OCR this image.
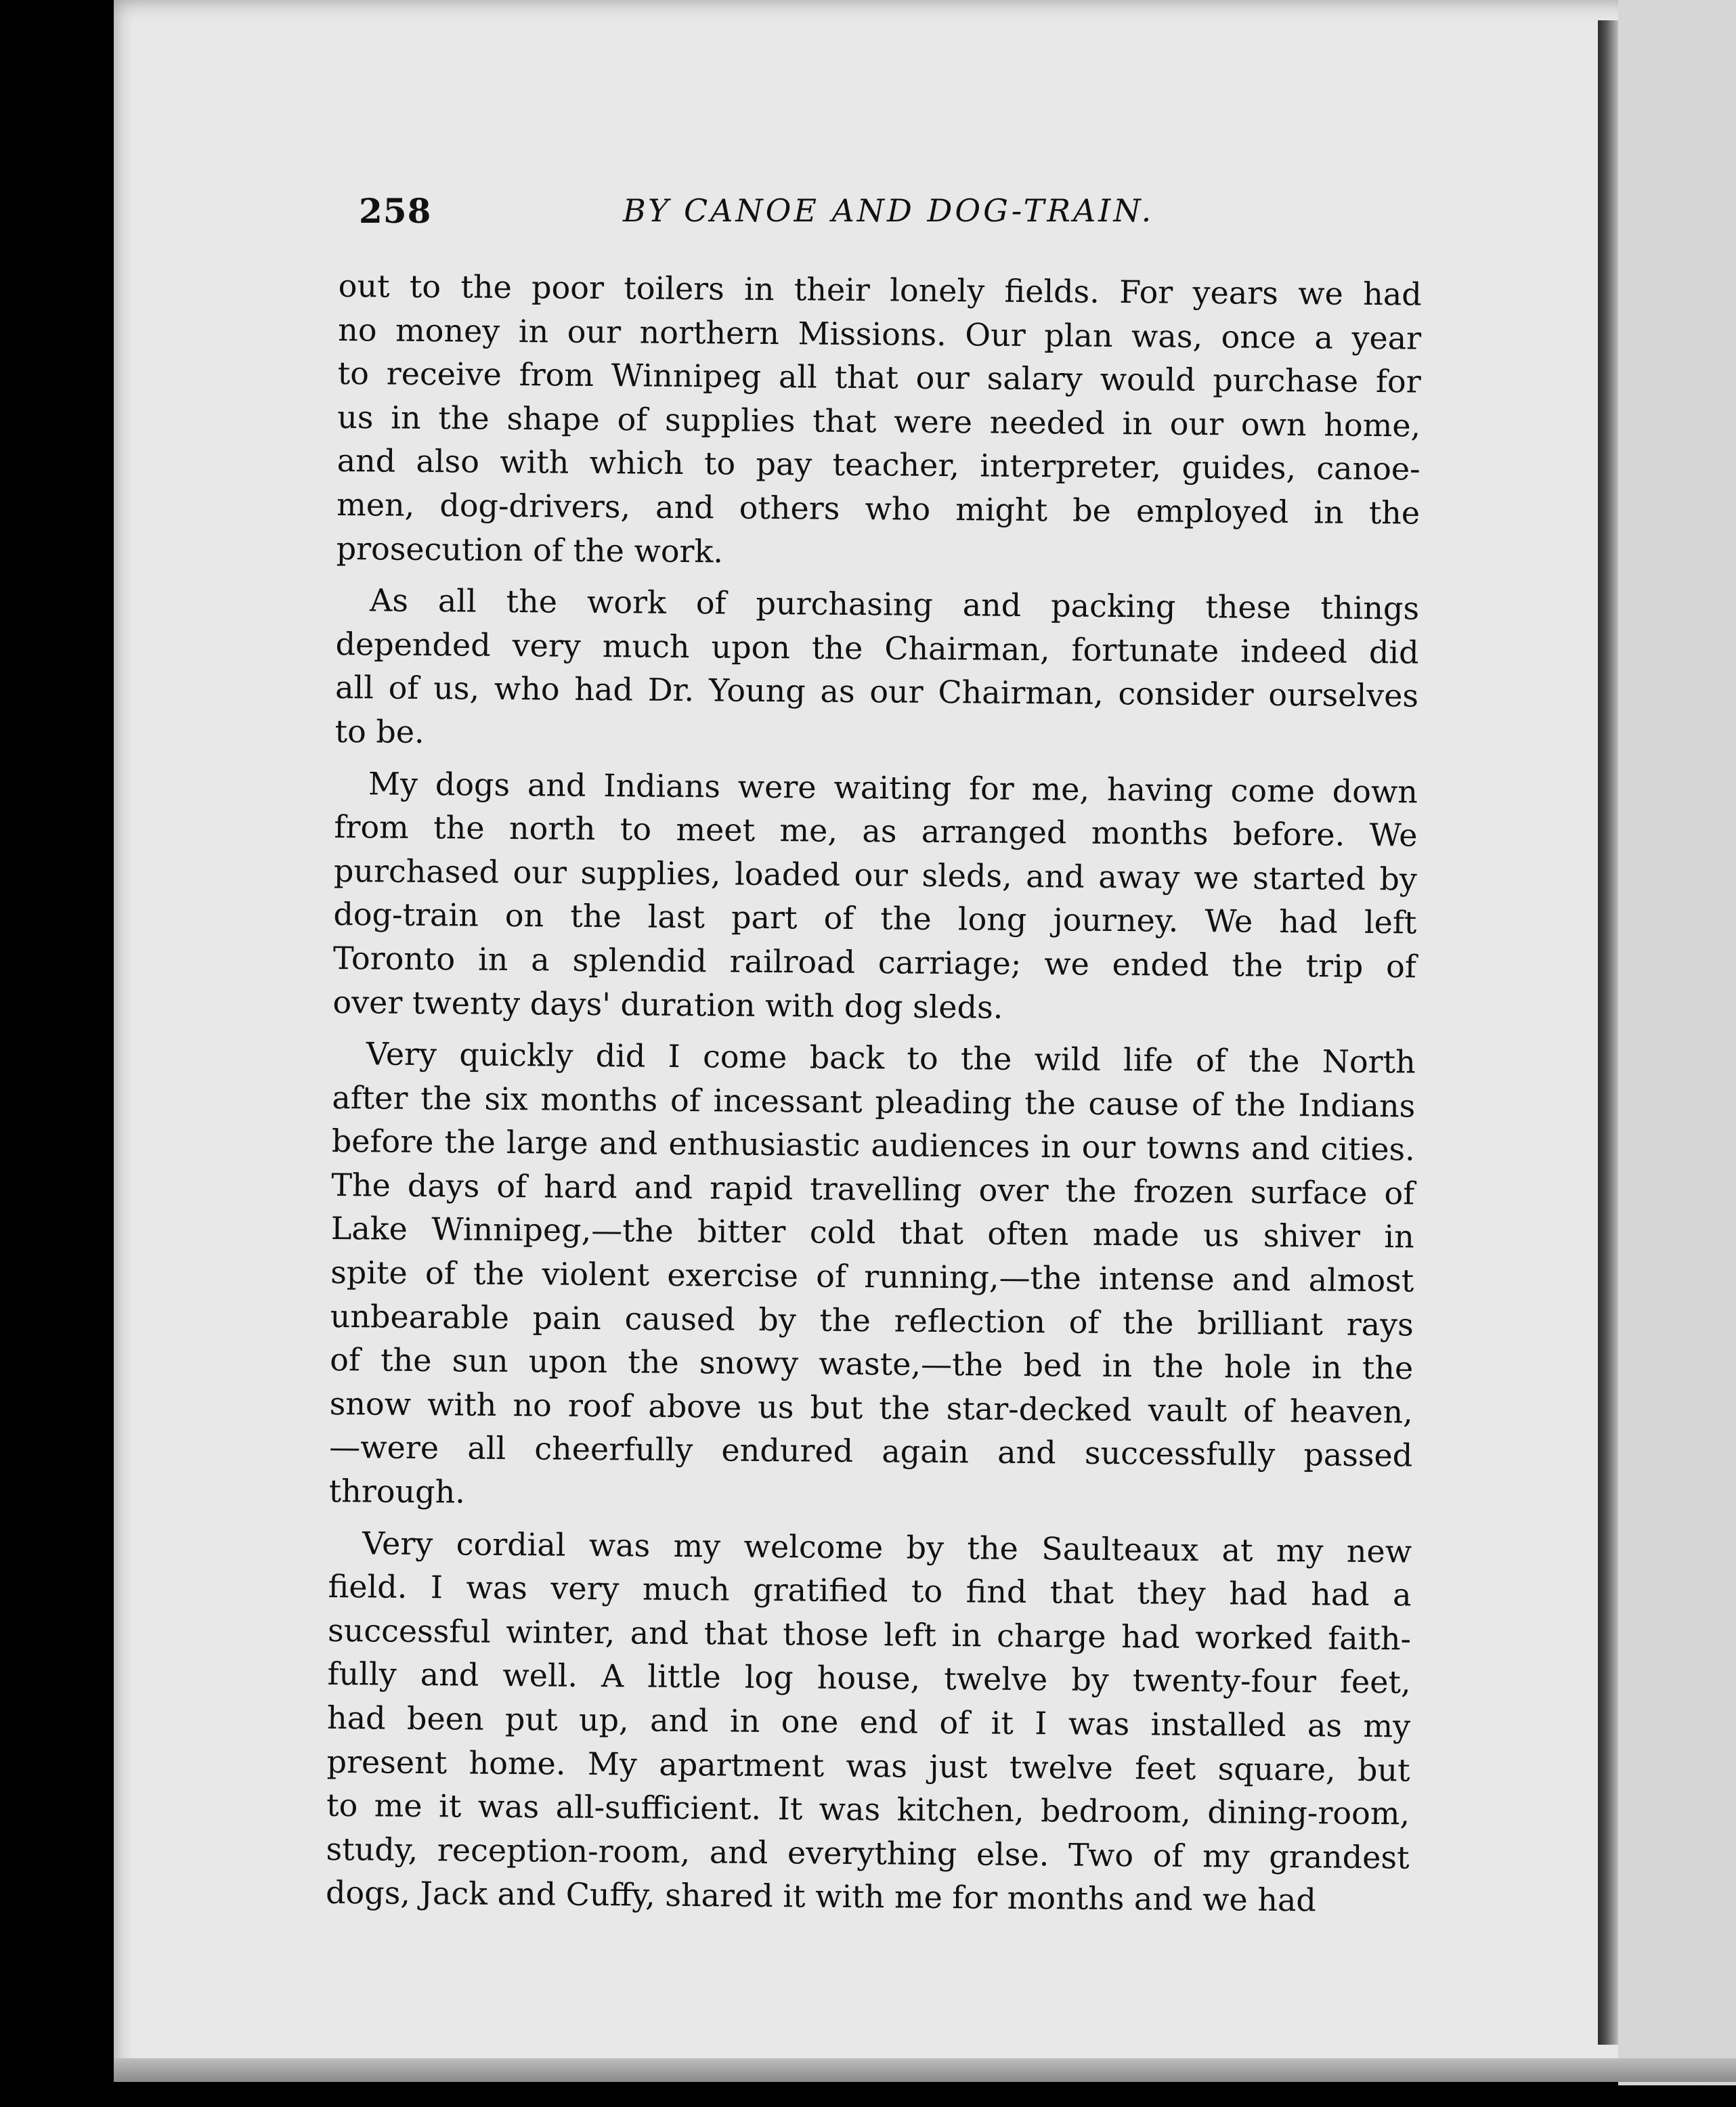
258	BY CANOE AND DOG-TRAIN.
out to the poor toilers in their lonely fields. For years we had
no money in our northern Missions. Our plan was, once a year
to receive from Winnipeg all that our salary would purchase for
us in the shape of supplies that were needed in our own home,
and also with which to pay teacher, interpreter, guides, canoe-
men, dog-drivers, and others who might be employed in the
prosecution of the work.
As all the work of purchasing and packing these things
depended very much upon the Chairman, fortunate indeed did
all of us, who had Dr. Young as our Chairman, consider ourselves
to be.
My dogs and Indians were waiting for me, having come down
from the north to meet me, as arranged months before. We
purchased our supplies, loaded our sleds, and away we started by
dog-train on the last part of the long journey. We had left
Toronto in a splendid railroad carriage; we ended the trip of
over twenty days' duration with dog sleds.
Very quickly did I come back to the wild life of the North
after the six months of incessant pleading the cause of the Indians
before the large and enthusiastic audiences in our towns and cities.
The days of hard and rapid travelling over the frozen surface of
Lake Winnipeg,—the bitter cold that often made us shiver in
spite of the violent exercise of running,—the intense and almost
unbearable pain caused by the reflection of the brilliant rays
of the sun upon the snowy waste,—the bed in the hole in the
snow with no roof above us but the star-decked vault of heaven,
—were all cheerfully endured again and successfully passed
through.
Very cordial was my welcome by the Saulteaux at my new
field. I was very much gratified to find that they had had a
successful winter, and that those left in charge had worked faith-
fully and well. A little log house, twelve by twenty-four feet,
had been put up, and in one end of it I was installed as my
present home. My apartment was just twelve feet square, but
to me it was all-sufficient. It was kitchen, bedroom, dining-room,
study, reception-room, and everything else. Two of my grandest
dogs, Jack and Cuffy, shared it with me for months and we had
